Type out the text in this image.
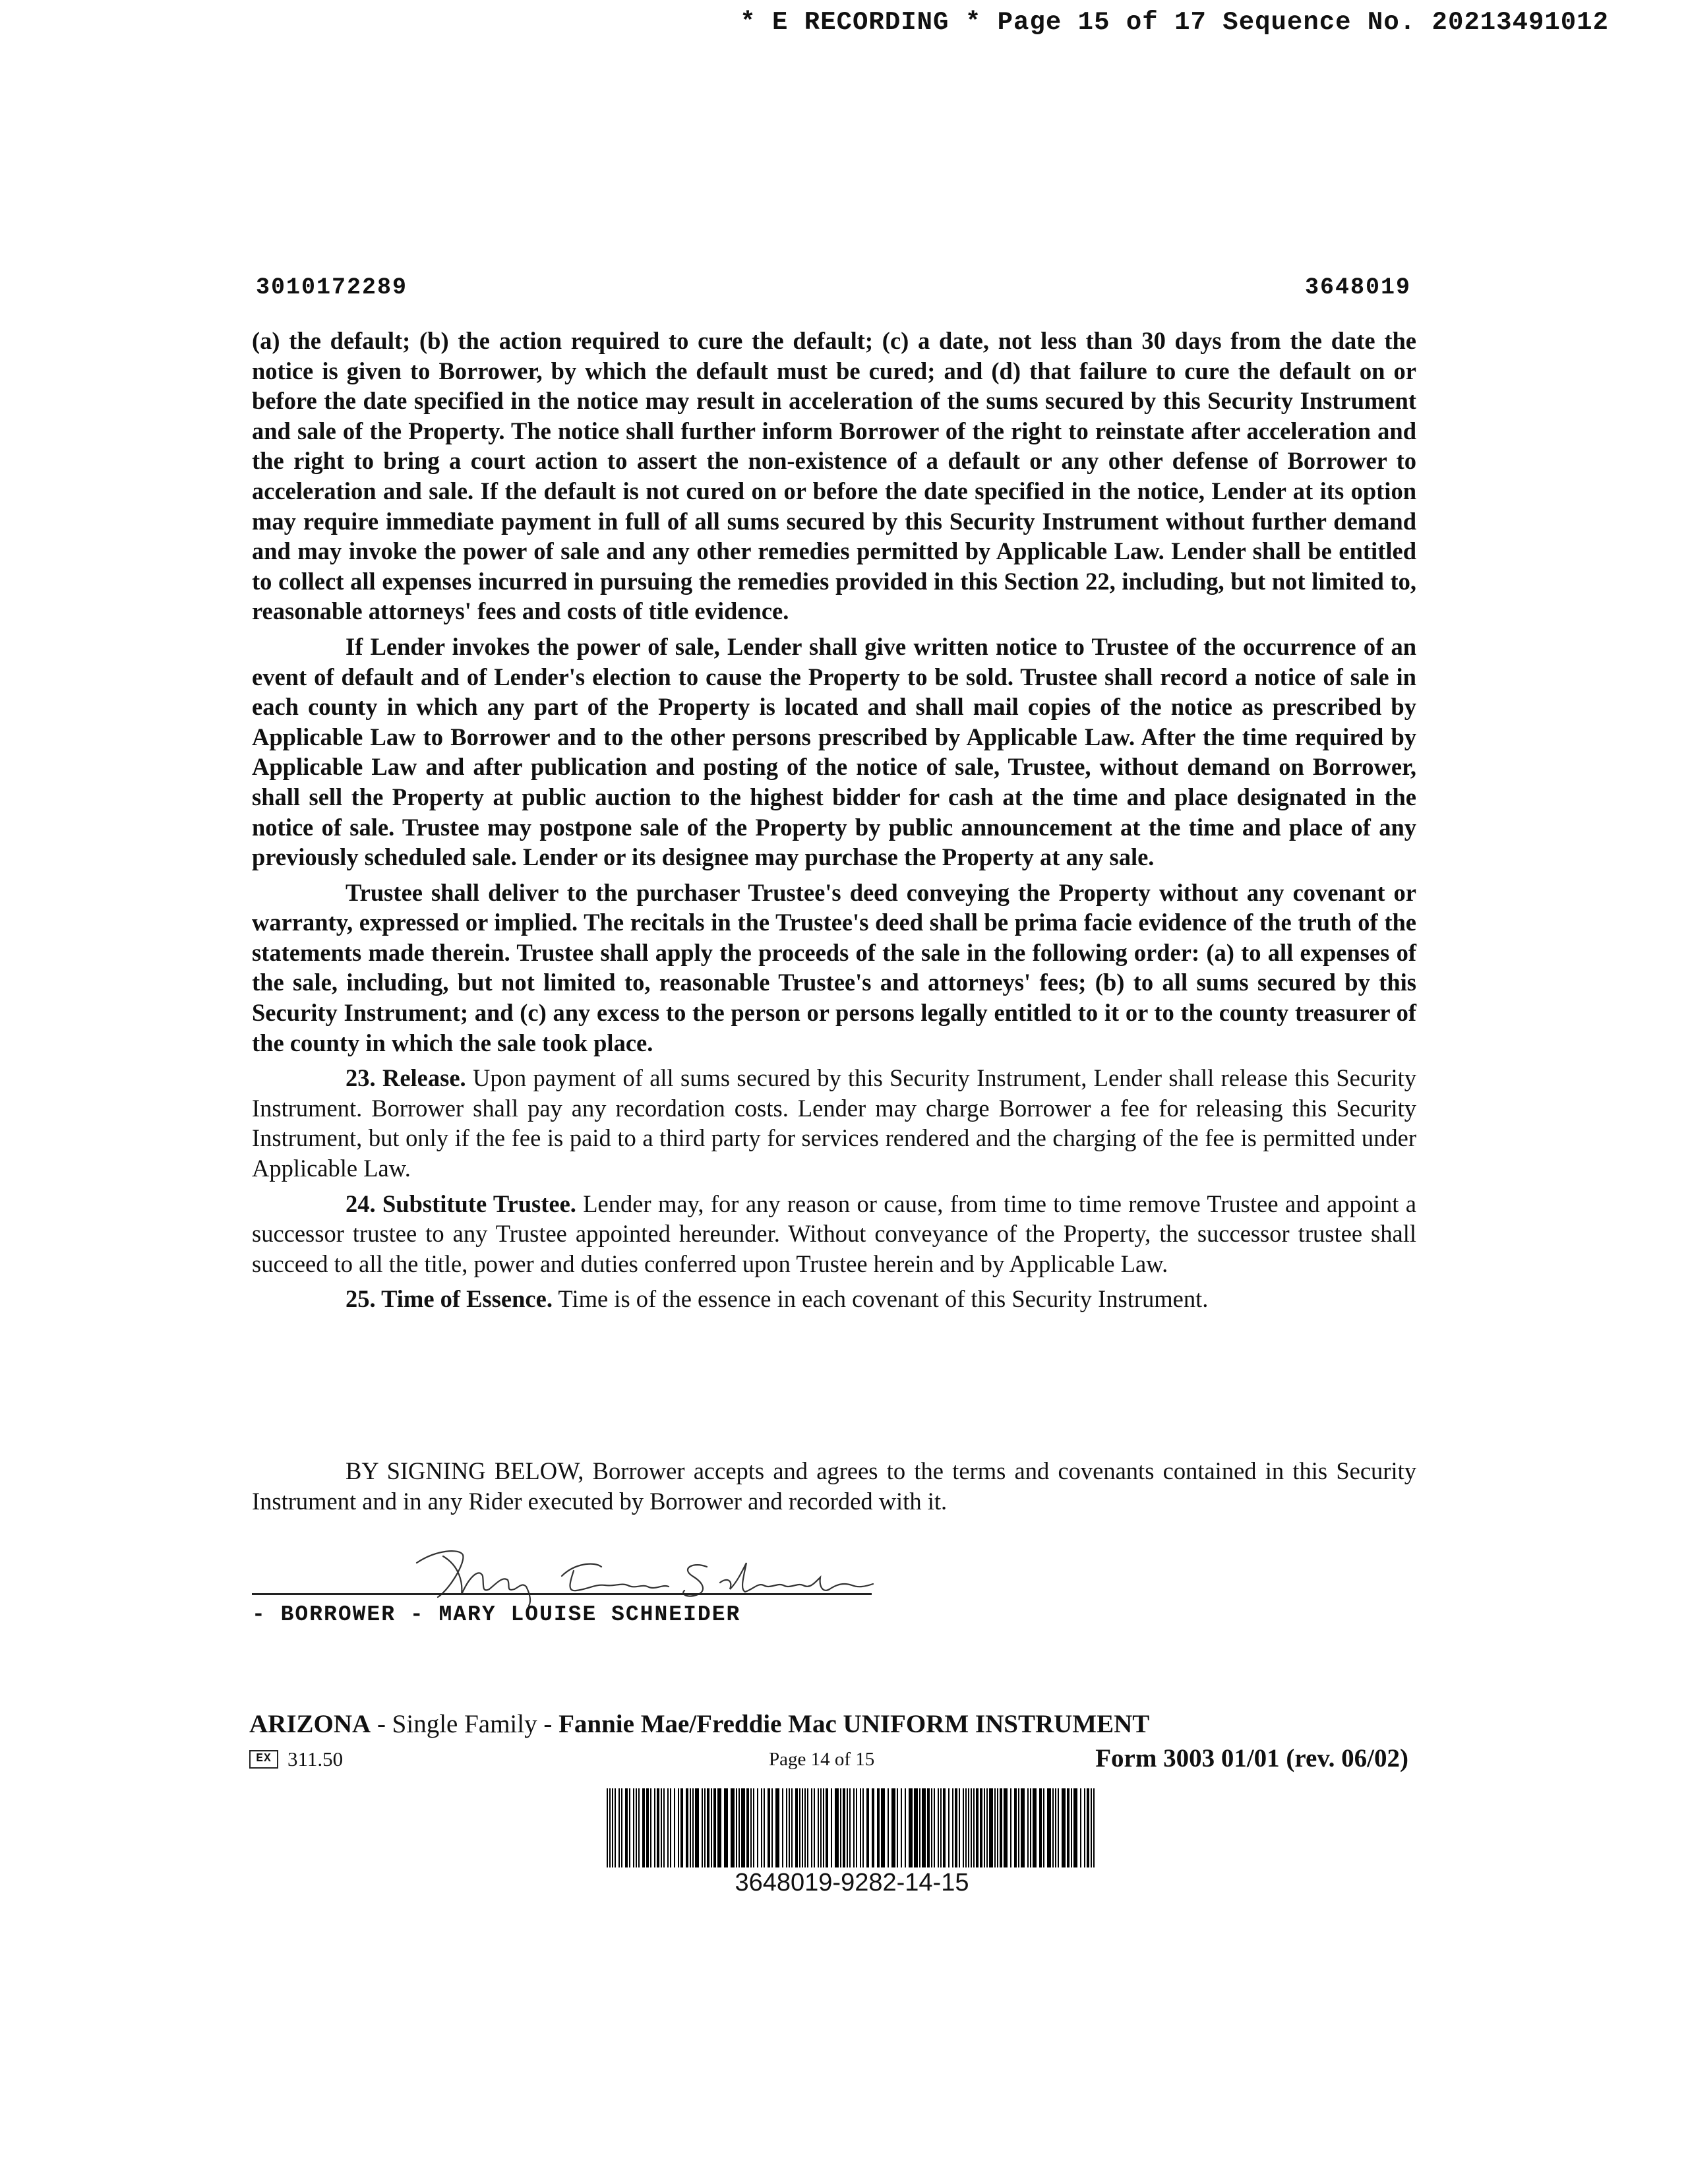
* E RECORDING * Page 15 of 17 Sequence No. 20213491012
3010172289	3648019

(a) the default; (b) the action required to cure the default; (c) a date, not less than 30 days from the date the notice is given to Borrower, by which the default must be cured; and (d) that failure to cure the default on or before the date specified in the notice may result in acceleration of the sums secured by this Security Instrument and sale of the Property. The notice shall further inform Borrower of the right to reinstate after acceleration and the right to bring a court action to assert the non-existence of a default or any other defense of Borrower to acceleration and sale. If the default is not cured on or before the date specified in the notice, Lender at its option may require immediate payment in full of all sums secured by this Security Instrument without further demand and may invoke the power of sale and any other remedies permitted by Applicable Law. Lender shall be entitled to collect all expenses incurred in pursuing the remedies provided in this Section 22, including, but not limited to, reasonable attorneys' fees and costs of title evidence.

If Lender invokes the power of sale, Lender shall give written notice to Trustee of the occurrence of an event of default and of Lender's election to cause the Property to be sold. Trustee shall record a notice of sale in each county in which any part of the Property is located and shall mail copies of the notice as prescribed by Applicable Law to Borrower and to the other persons prescribed by Applicable Law. After the time required by Applicable Law and after publication and posting of the notice of sale, Trustee, without demand on Borrower, shall sell the Property at public auction to the highest bidder for cash at the time and place designated in the notice of sale. Trustee may postpone sale of the Property by public announcement at the time and place of any previously scheduled sale. Lender or its designee may purchase the Property at any sale.

Trustee shall deliver to the purchaser Trustee's deed conveying the Property without any covenant or warranty, expressed or implied. The recitals in the Trustee's deed shall be prima facie evidence of the truth of the statements made therein. Trustee shall apply the proceeds of the sale in the following order: (a) to all expenses of the sale, including, but not limited to, reasonable Trustee's and attorneys' fees; (b) to all sums secured by this Security Instrument; and (c) any excess to the person or persons legally entitled to it or to the county treasurer of the county in which the sale took place.

23. Release. Upon payment of all sums secured by this Security Instrument, Lender shall release this Security Instrument. Borrower shall pay any recordation costs. Lender may charge Borrower a fee for releasing this Security Instrument, but only if the fee is paid to a third party for services rendered and the charging of the fee is permitted under Applicable Law.

24. Substitute Trustee. Lender may, for any reason or cause, from time to time remove Trustee and appoint a successor trustee to any Trustee appointed hereunder. Without conveyance of the Property, the successor trustee shall succeed to all the title, power and duties conferred upon Trustee herein and by Applicable Law.

25. Time of Essence. Time is of the essence in each covenant of this Security Instrument.

BY SIGNING BELOW, Borrower accepts and agrees to the terms and covenants contained in this Security Instrument and in any Rider executed by Borrower and recorded with it.
- BORROWER - MARY LOUISE SCHNEIDER
ARIZONA - Single Family - Fannie Mae/Freddie Mac UNIFORM INSTRUMENT
EX 311.50	Page 14 of 15	Form 3003 01/01 (rev. 06/02)
3648019-9282-14-15
